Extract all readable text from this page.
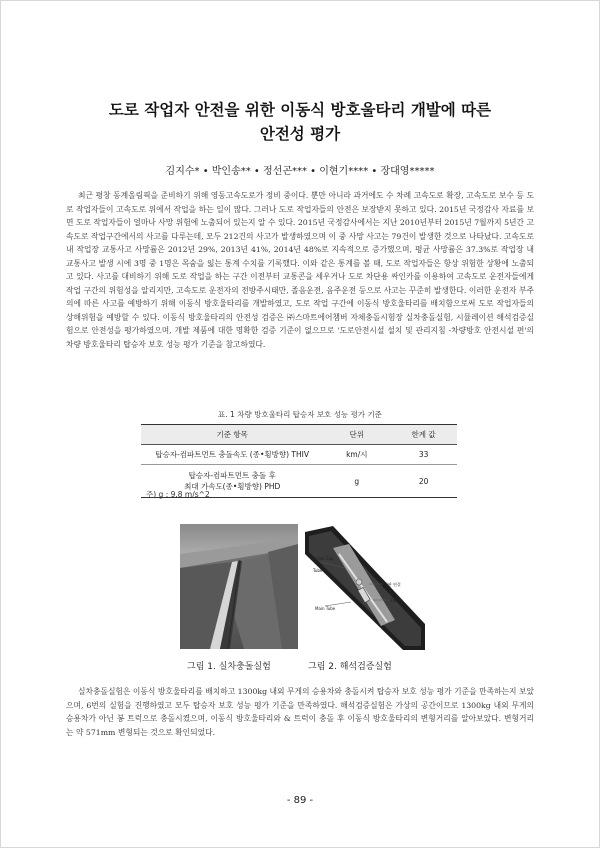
도로 작업자 안전을 위한 이동식 방호울타리 개발에 따른
안전성 평가
김지수* • 박인송** • 정선곤*** • 이현기**** • 장대영*****

최근 평창 동계올림픽을 준비하기 위해 영동고속도로가 정비 중이다. 뿐만 아니라 과거에도 수 차례 고속도로 확장, 고속도로 보수 등 도로 작업자들이 고속도로 위에서 작업을 하는 일이 많다. 그러나 도로 작업자들의 안전은 보장받지 못하고 있다. 2015년 국정감사 자료를 보면 도로 작업자들이 얼마나 사망 위험에 노출되어 있는지 알 수 있다. 2015년 국정감사에서는 지난 2010년부터 2015년 7월까지 5년간 고속도로 작업구간에서의 사고를 다루는데, 모두 212건의 사고가 발생하였으며 이 중 사망 사고는 79건이 발생한 것으로 나타났다. 고속도로 내 작업장 교통사고 사망률은 2012년 29%, 2013년 41%, 2014년 48%로 지속적으로 증가했으며, 평균 사망률은 37.3%로 작업장 내 교통사고 발생 시에 3명 중 1명은 목숨을 잃는 통계 수치를 기록했다. 이와 같은 통계를 볼 때, 도로 작업자들은 항상 위험한 상황에 노출되고 있다. 사고를 대비하기 위해 도로 작업을 하는 구간 이전부터 교통콘을 세우거나 도로 차단용 싸인카를 이용하여 고속도로 운전자들에게 작업 구간의 위험성을 알리지만, 고속도로 운전자의 전방주시태만, 졸음운전, 음주운전 등으로 사고는 꾸준히 발생한다. 이러한 운전자 부주의에 따른 사고를 예방하기 위해 이동식 방호울타리를 개발하였고, 도로 작업 구간에 이동식 방호울타리를 배치함으로써 도로 작업자들의 상해위험을 예방할 수 있다. 이동식 방호울타리의 안전성 검증은 ㈜스마트에어챔버 자체충돌시험장 실차충돌실험, 시뮬레이션 해석검증실험으로 안전성을 평가하였으며, 개발 제품에 대한 명확한 검증 기준이 없으므로 '도로안전시설 설치 및 관리지침 -차량방호 안전시설 편'의 차량 방호울타리 탑승자 보호 성능 평가 기준을 참고하였다.

표. 1 차량 방호울타리 탑승자 보호 성능 평가 기준
기준 항목	단위	한계 값
탑승자-컴파트먼트 충돌속도 (종•횡방향) THIV	km/시	33

탑승자-컴파트먼트 충돌 후
최대 가속도(종•횡방향) PHD	g	20
주) g : 9.8 m/s^2
Barrier Cap
Tube
철판 연결
Main Tube
280
그림 1. 실차충돌실험	그림 2. 해석검증실험

실차충돌실험은 이동식 방호울타리를 배치하고 1300kg 내외 무게의 승용차와 충돌시켜 탑승자 보호 성능 평가 기준을 만족하는지 보았으며, 6번의 실험을 진행하였고 모두 탑승자 보호 성능 평가 기준을 만족하였다. 해석검증실험은 가상의 공간이므로 1300kg 내외 무게의 승용차가 아닌 봉 트럭으로 충돌시켰으며, 이동식 방호울타리와 & 트럭이 충돌 후 이동식 방호울타리의 변형거리를 알아보았다. 변형거리는 약 571mm 변형되는 것으로 확인되었다.

- 89 -
